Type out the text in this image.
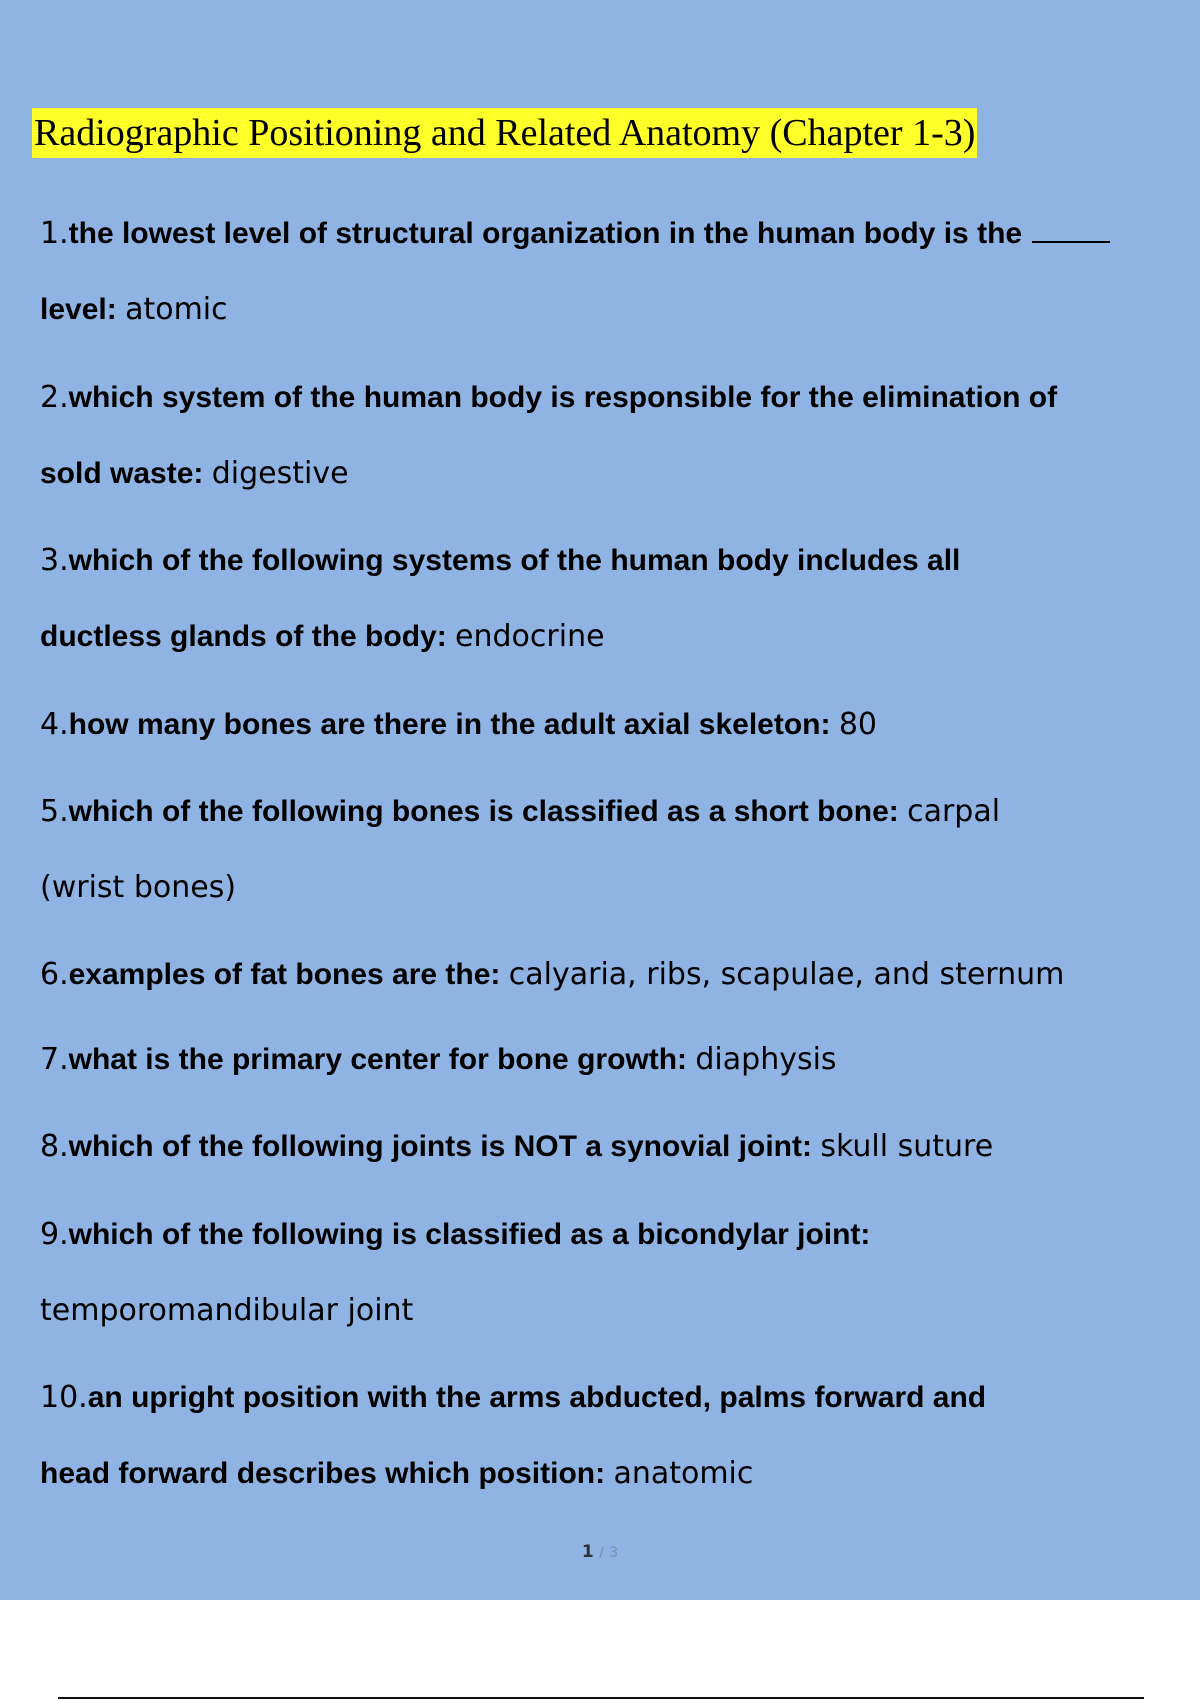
Radiographic Positioning and Related Anatomy (Chapter 1-3)
1.the lowest level of structural organization in the human body is the
level: atomic
2.which system of the human body is responsible for the elimination of
sold waste: digestive
3.which of the following systems of the human body includes all
ductless glands of the body: endocrine
4.how many bones are there in the adult axial skeleton: 80
5.which of the following bones is classified as a short bone: carpal
(wrist bones)
6.examples of fat bones are the: calyaria, ribs, scapulae, and sternum
7.what is the primary center for bone growth: diaphysis
8.which of the following joints is NOT a synovial joint: skull suture
9.which of the following is classified as a bicondylar joint:
temporomandibular joint
10.an upright position with the arms abducted, palms forward and
head forward describes which position: anatomic
1 / 3
